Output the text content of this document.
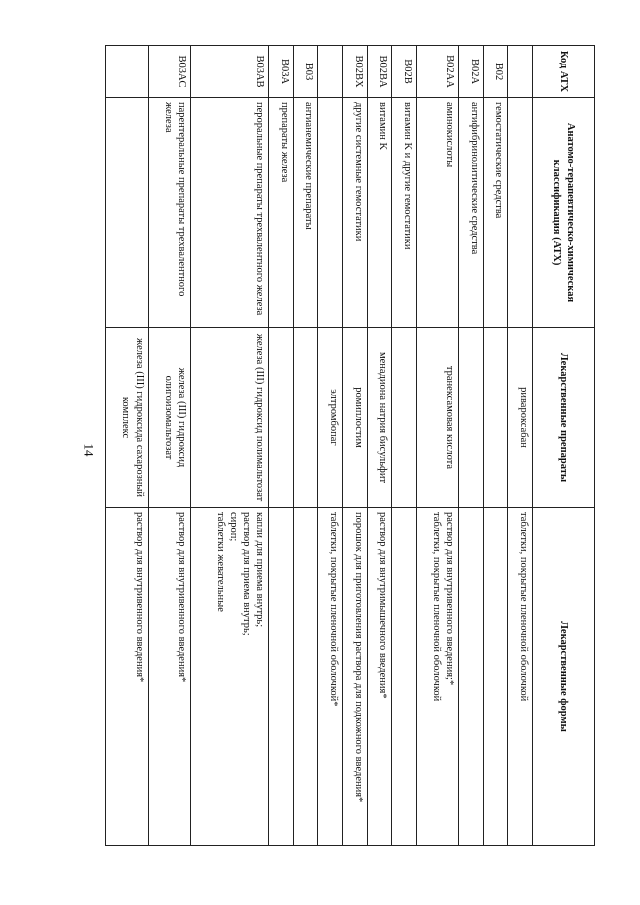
14
Код АТХ	Анатомо-терапевтическо-химическая классификация (АТХ)	Лекарственные препараты	Лекарственные формы
		ривароксабан	таблетки, покрытые пленочной оболочкой
B02	гемостатические средства		
B02A	антифибринолитические средства		
B02AA	аминокислоты	транексамовая кислота	раствор для внутривенного введения;*
таблетки, покрытые пленочной оболочкой
B02B	витамин K и другие гемостатики		
B02BA	витамин K	менадиона натрия бисульфит	раствор для внутримышечного введения*
B02BX	другие системные гемостатики	ромиплостим	порошок для приготовления раствора для подкожного введения*
		элтромбопаг	таблетки, покрытые пленочной оболочкой*
B03	антианемические препараты		
B03A	препараты железа		
B03AB	пероральные препараты трехвалентного железа	железа (III) гидроксид полимальтозат	капли для приема внутрь;
раствор для приема внутрь;
сироп;
таблетки жевательные
B03AC	парентеральные препараты трехвалентного железа	железа (III) гидроксид олигоизомальтозат	раствор для внутривенного введения*
		железа (III) гидроксида сахарозный комплекс	раствор для внутривенного введения*
